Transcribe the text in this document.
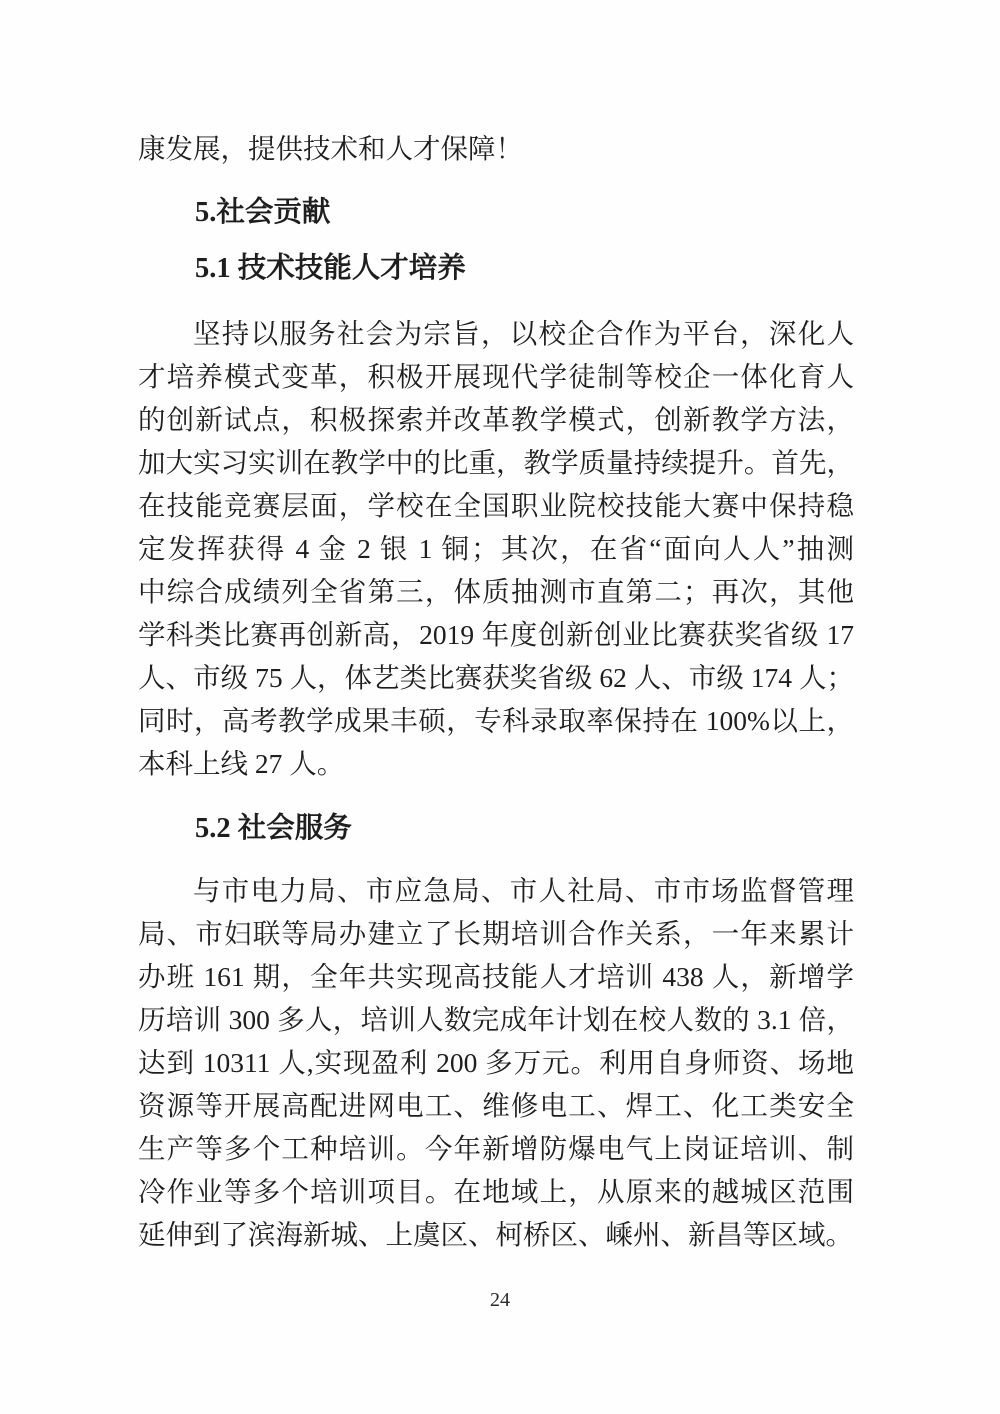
康发展，提供技术和人才保障！

5.社会贡献
5.1 技术技能人才培养
坚持以服务社会为宗旨，以校企合作为平台，深化人
才培养模式变革，积极开展现代学徒制等校企一体化育人
的创新试点，积极探索并改革教学模式，创新教学方法，
加大实习实训在教学中的比重，教学质量持续提升。首先，
在技能竞赛层面，学校在全国职业院校技能大赛中保持稳
定发挥获得 4 金 2 银 1 铜；其次，在省“面向人人”抽测
中综合成绩列全省第三，体质抽测市直第二；再次，其他
学科类比赛再创新高，2019 年度创新创业比赛获奖省级 17
人、市级 75 人，体艺类比赛获奖省级 62 人、市级 174 人；
同时，高考教学成果丰硕，专科录取率保持在 100%以上，
本科上线 27 人。
5.2 社会服务
与市电力局、市应急局、市人社局、市市场监督管理
局、市妇联等局办建立了长期培训合作关系，一年来累计
办班 161 期，全年共实现高技能人才培训 438 人，新增学
历培训 300 多人，培训人数完成年计划在校人数的 3.1 倍，
达到 10311 人,实现盈利 200 多万元。利用自身师资、场地
资源等开展高配进网电工、维修电工、焊工、化工类安全
生产等多个工种培训。今年新增防爆电气上岗证培训、制
冷作业等多个培训项目。在地域上，从原来的越城区范围
延伸到了滨海新城、上虞区、柯桥区、嵊州、新昌等区域。
24
